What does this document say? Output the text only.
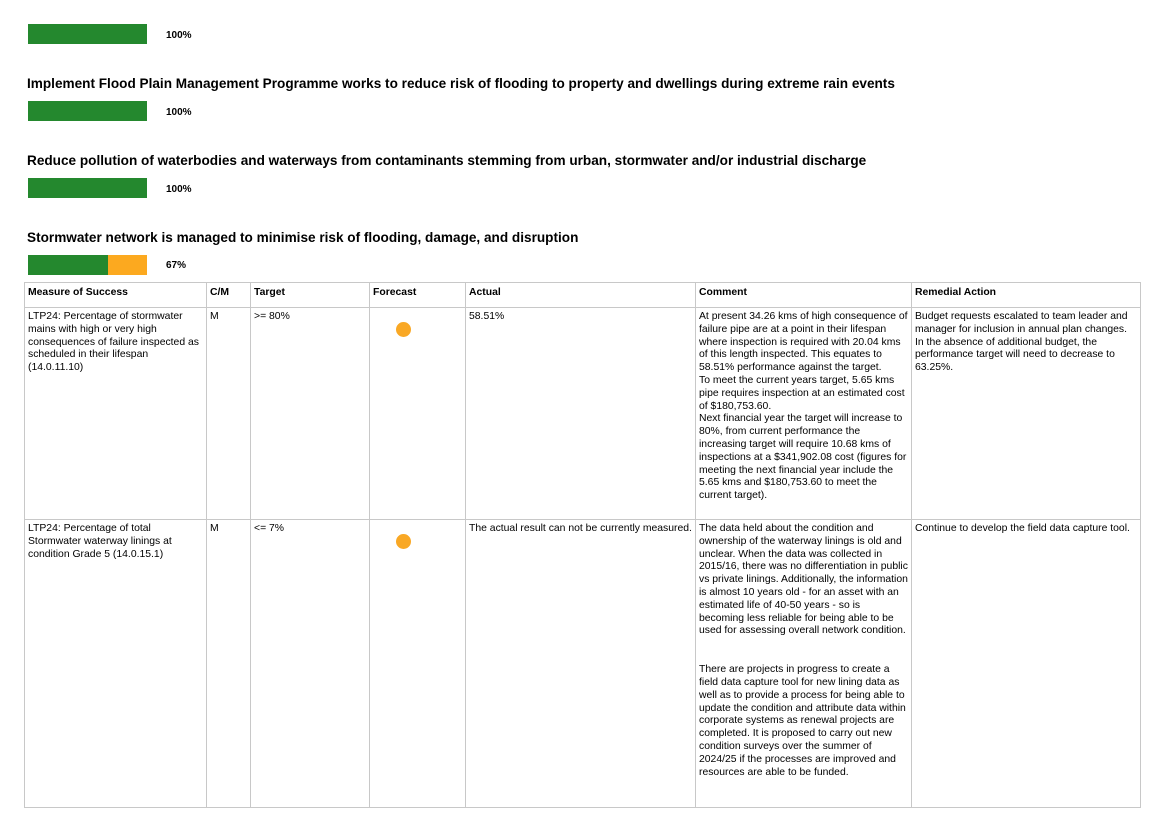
100%
Implement Flood Plain Management Programme works to reduce risk of flooding to property and dwellings during extreme rain events
100%
Reduce pollution of waterbodies and waterways from contaminants stemming from urban, stormwater and/or industrial discharge
100%
Stormwater network is managed to minimise risk of flooding, damage, and disruption
67%
Measure of Success	C/M	Target	Forecast	Actual	Comment	Remedial Action
LTP24: Percentage of stormwater mains with high or very high consequences of failure inspected as scheduled in their lifespan (14.0.11.10)	M	>= 80%		58.51%	At present 34.26 kms of high consequence of failure pipe are at a point in their lifespan where inspection is required with 20.04 kms of this length inspected. This equates to 58.51% performance against the target.
To meet the current years target, 5.65 kms pipe requires inspection at an estimated cost of $180,753.60.
Next financial year the target will increase to 80%, from current performance the increasing target will require 10.68 kms of inspections at a $341,902.08 cost (figures for meeting the next financial year include the 5.65 kms and $180,753.60 to meet the current target).	Budget requests escalated to team leader and manager for inclusion in annual plan changes. In the absence of additional budget, the performance target will need to decrease to 63.25%.
LTP24: Percentage of total Stormwater waterway linings at condition Grade 5 (14.0.15.1)	M	<= 7%		The actual result can not be currently measured.	The data held about the condition and ownership of the waterway linings is old and unclear. When the data was collected in 2015/16, there was no differentiation in public vs private linings. Additionally, the information is almost 10 years old - for an asset with an estimated life of 40-50 years - so is becoming less reliable for being able to be used for assessing overall network condition.
There are projects in progress to create a field data capture tool for new lining data as well as to provide a process for being able to update the condition and attribute data within corporate systems as renewal projects are completed. It is proposed to carry out new condition surveys over the summer of 2024/25 if the processes are improved and resources are able to be funded.	Continue to develop the field data capture tool.
